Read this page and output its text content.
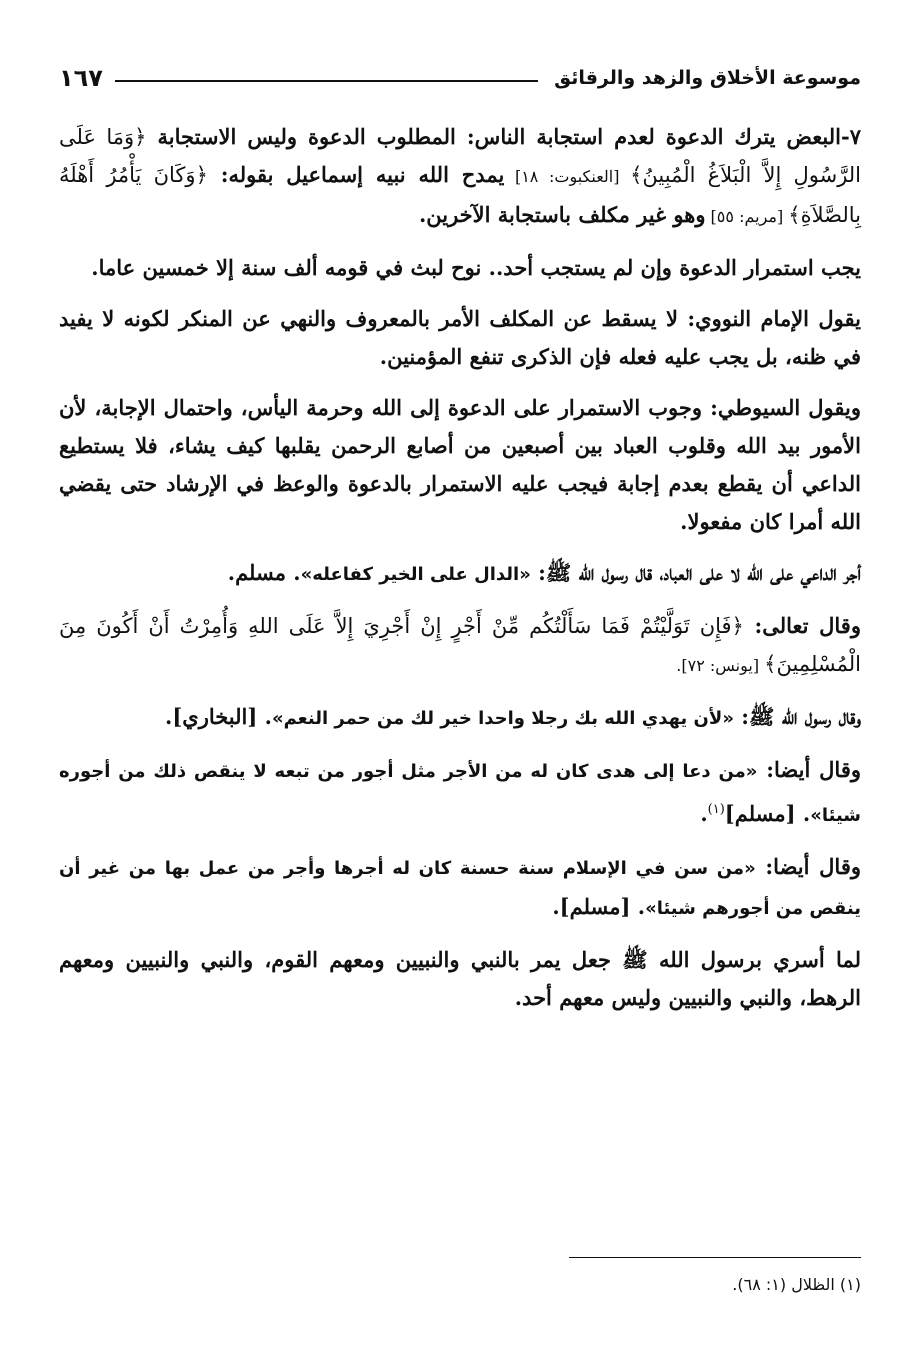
موسوعة الأخلاق والزهد والرقائق
١٦٧

٧-البعض يترك الدعوة لعدم استجابة الناس: المطلوب الدعوة وليس الاستجابة ﴿وَمَا عَلَى الرَّسُولِ إِلاَّ الْبَلاَغُ الْمُبِينُ﴾ [العنكبوت: ١٨] يمدح الله نبيه إسماعيل بقوله: ﴿وَكَانَ يَأْمُرُ أَهْلَهُ بِالصَّلاَةِ﴾ [مريم: ٥٥] وهو غير مكلف باستجابة الآخرين.

يجب استمرار الدعوة وإن لم يستجب أحد.. نوح لبث في قومه ألف سنة إلا خمسين عاما.

يقول الإمام النووي: لا يسقط عن المكلف الأمر بالمعروف والنهي عن المنكر لكونه لا يفيد في ظنه، بل يجب عليه فعله فإن الذكرى تنفع المؤمنين.

ويقول السيوطي: وجوب الاستمرار على الدعوة إلى الله وحرمة اليأس، واحتمال الإجابة، لأن الأمور بيد الله وقلوب العباد بين أصبعين من أصابع الرحمن يقلبها كيف يشاء، فلا يستطيع الداعي أن يقطع بعدم إجابة فيجب عليه الاستمرار بالدعوة والوعظ في الإرشاد حتى يقضي الله أمرا كان مفعولا.

أجر الداعي على الله لا على العباد، قال رسول الله ﷺ: «الدال على الخير كفاعله». مسلم.

وقال تعالى: ﴿فَإِن تَوَلَّيْتُمْ فَمَا سَأَلْتُكُم مِّنْ أَجْرٍ إِنْ أَجْرِيَ إِلاَّ عَلَى اللهِ وَأُمِرْتُ أَنْ أَكُونَ مِنَ الْمُسْلِمِينَ﴾ [يونس: ٧٢].

وقال رسول الله ﷺ: «لأن يهدي الله بك رجلا واحدا خير لك من حمر النعم». [البخاري].

وقال أيضا: «من دعا إلى هدى كان له من الأجر مثل أجور من تبعه لا ينقص ذلك من أجوره شيئا». [مسلم]$^{(١)}$.

وقال أيضا: «من سن في الإسلام سنة حسنة كان له أجرها وأجر من عمل بها من غير أن ينقص من أجورهم شيئا». [مسلم].

لما أسري برسول الله ﷺ جعل يمر بالنبي والنبيين ومعهم القوم، والنبي والنبيين ومعهم الرهط، والنبي والنبيين وليس معهم أحد.

(١) الظلال (١: ٦٨).
